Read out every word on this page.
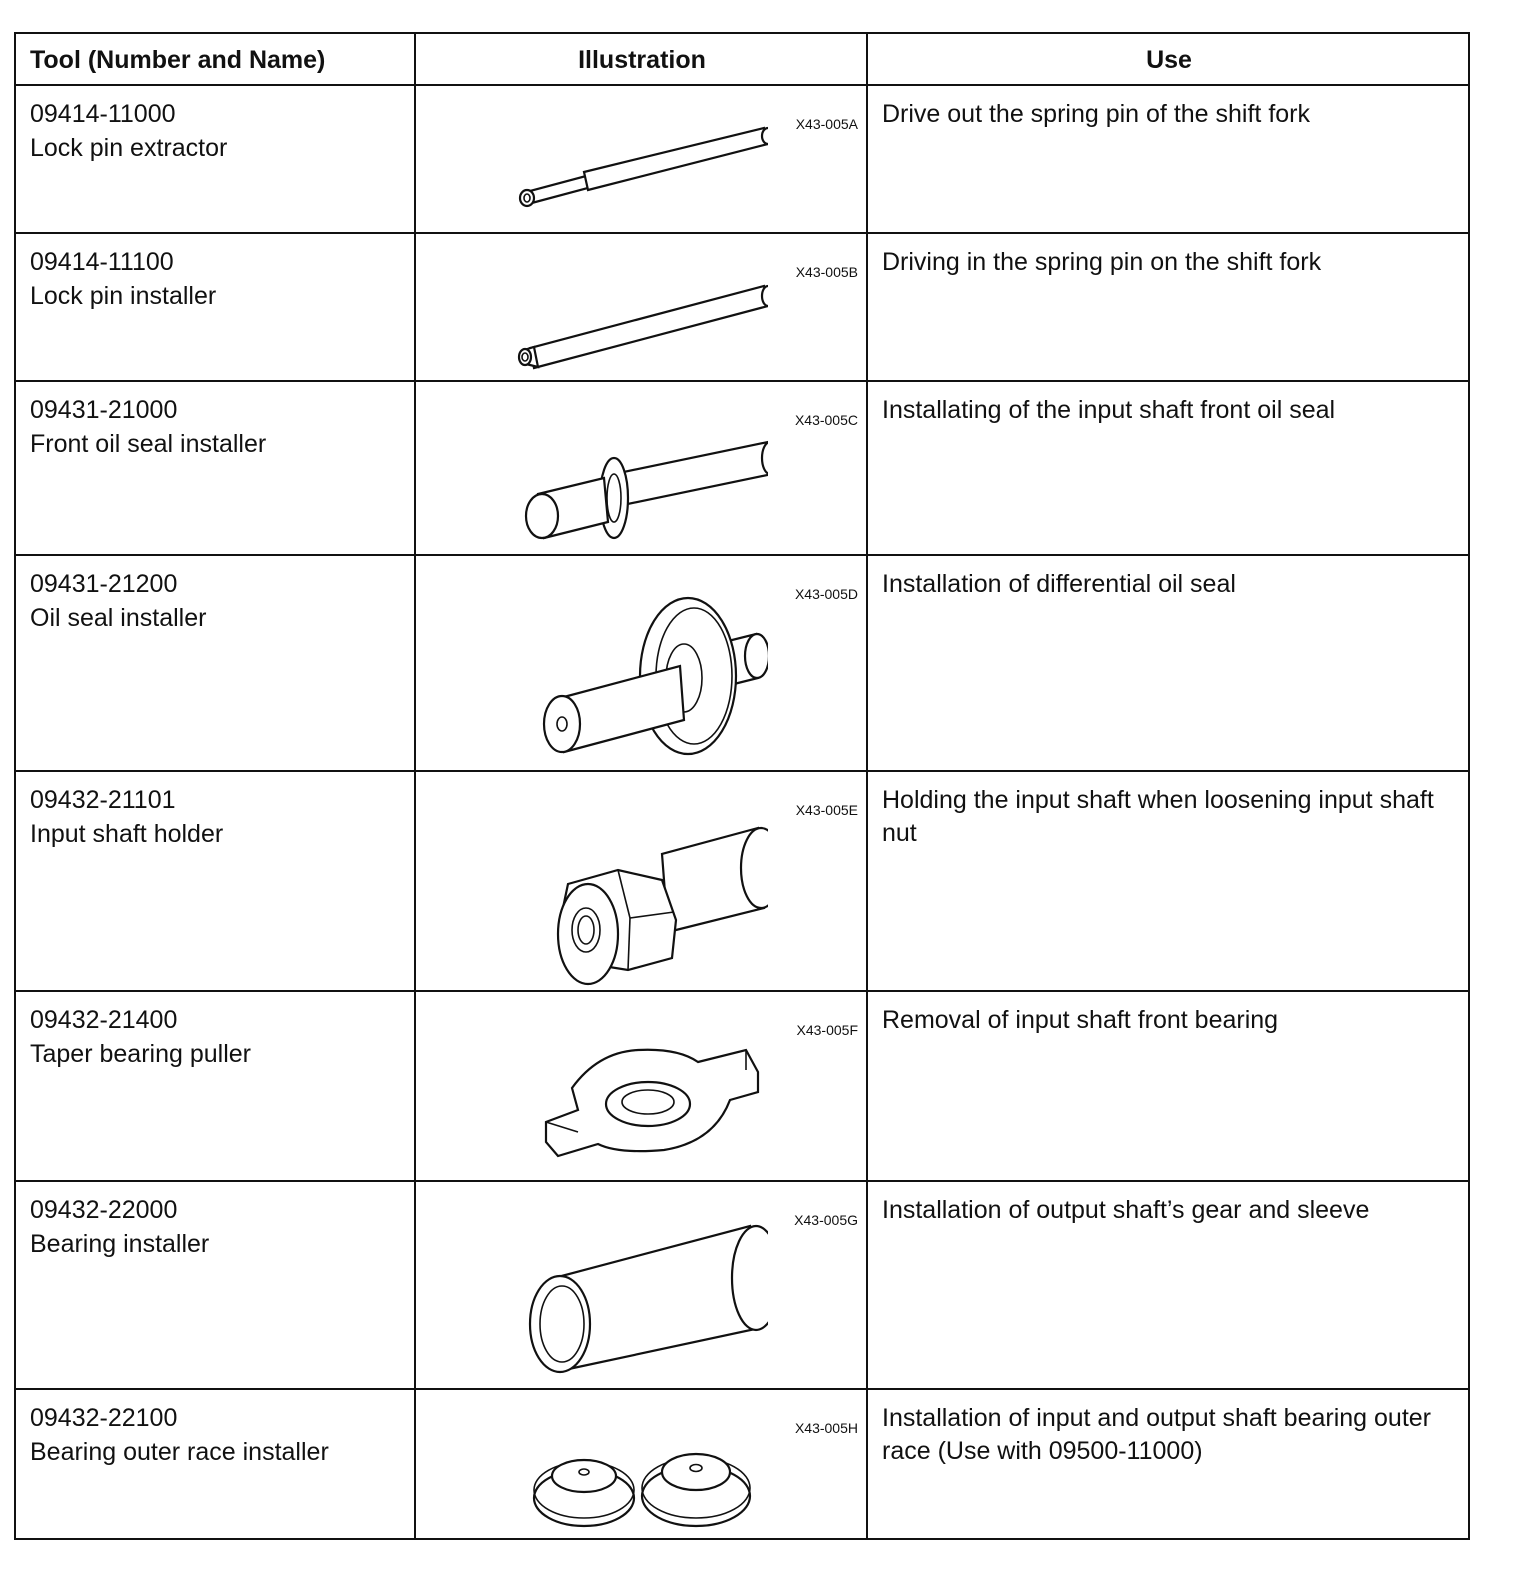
Tool (Number and Name)	Illustration	Use
09414-11000
Lock pin extractor
X43-005A Drive out the spring pin of the shift fork
09414-11100
Lock pin installer
X43-005B Driving in the spring pin on the shift fork
09431-21000
Front oil seal installer
X43-005C Installating of the input shaft front oil seal
09431-21200
Oil seal installer
X43-005D Installation of differential oil seal
09432-21101
Input shaft holder
X43-005E Holding the input shaft when loosening input shaft nut
09432-21400
Taper bearing puller
X43-005F Removal of input shaft front bearing
09432-22000
Bearing installer
X43-005G Installation of output shaft’s gear and sleeve
09432-22100
Bearing outer race installer
X43-005H Installation of input and output shaft bearing outer race (Use with 09500-11000)
